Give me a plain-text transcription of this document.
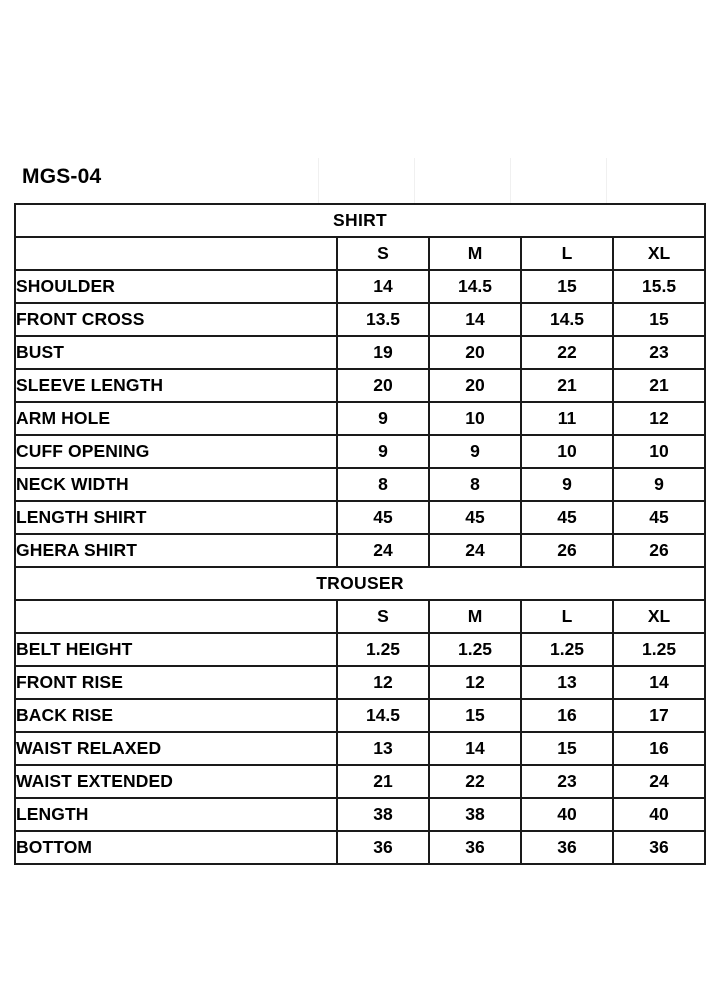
MGS-04
SHIRT				
	S	M	L	XL
SHOULDER	14	14.5	15	15.5
FRONT CROSS	13.5	14	14.5	15
BUST	19	20	22	23
SLEEVE LENGTH	20	20	21	21
ARM HOLE	9	10	11	12
CUFF OPENING	9	9	10	10
NECK WIDTH	8	8	9	9
LENGTH SHIRT	45	45	45	45
GHERA SHIRT	24	24	26	26
TROUSER				
	S	M	L	XL
BELT HEIGHT	1.25	1.25	1.25	1.25
FRONT RISE	12	12	13	14
BACK RISE	14.5	15	16	17
WAIST RELAXED	13	14	15	16
WAIST EXTENDED	21	22	23	24
LENGTH	38	38	40	40
BOTTOM	36	36	36	36
